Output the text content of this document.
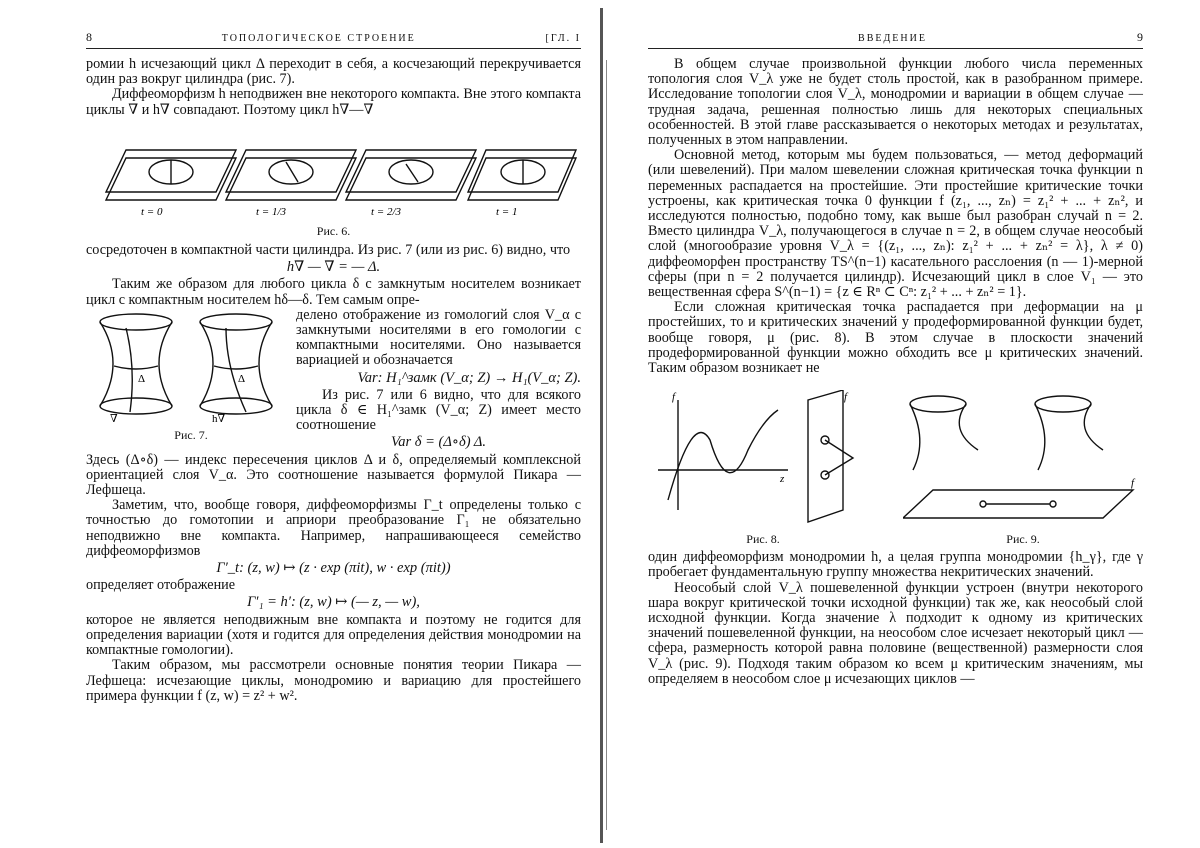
8	ТОПОЛОГИЧЕСКОЕ СТРОЕНИЕ	[ГЛ. I

ромии h исчезающий цикл Δ переходит в себя, а косчезающий перекручивается один раз вокруг цилиндра (рис. 7).

Диффеоморфизм h неподвижен вне некоторого компакта. Вне этого компакта циклы ∇ и h∇ совпадают. Поэтому цикл h∇—∇

t = 0	t = 1/3	t = 2/3	t = 1
Рис. 6.

сосредоточен в компактной части цилиндра. Из рис. 7 (или из рис. 6) видно, что

h∇ — ∇ = — Δ.

Таким же образом для любого цикла δ с замкнутым носителем возникает цикл с компактным носителем hδ—δ. Тем самым опре-

Δ
∇
Δ
h∇
Рис. 7.

делено отображение из гомологий слоя V_α с замкнутыми носителями в его гомологии с компактными носителями. Оно называется вариацией и обозначается

Var: H₁^замк (V_α; Z) → H₁(V_α; Z).

Из рис. 7 или 6 видно, что для всякого цикла δ ∈ H₁^замк (V_α; Z) имеет место соотношение

Var δ = (Δ∘δ) Δ.

Здесь (Δ∘δ) — индекс пересечения циклов Δ и δ, определяемый комплексной ориентацией слоя V_α. Это соотношение называется формулой Пикара — Лефшеца.

Заметим, что, вообще говоря, диффеоморфизмы Γ_t определены только с точностью до гомотопии и априори преобразование Γ₁ не обязательно неподвижно вне компакта. Например, напрашивающееся семейство диффеоморфизмов

Γ′_t: (z, w) ↦ (z · exp (πit), w · exp (πit))

определяет отображение

Γ′₁ = h′: (z, w) ↦ (— z, — w),

которое не является неподвижным вне компакта и поэтому не годится для определения вариации (хотя и годится для определения действия монодромии на компактные гомологии).

Таким образом, мы рассмотрели основные понятия теории Пикара — Лефшеца: исчезающие циклы, монодромию и вариацию для простейшего примера функции f (z, w) = z² + w².

ВВЕДЕНИЕ	9

В общем случае произвольной функции любого числа переменных топология слоя V_λ уже не будет столь простой, как в разобранном примере. Исследование топологии слоя V_λ, монодромии и вариации в общем случае — трудная задача, решенная полностью лишь для некоторых специальных особенностей. В этой главе рассказывается о некоторых методах и результатах, полученных в этом направлении.

Основной метод, которым мы будем пользоваться, — метод деформаций (или шевелений). При малом шевелении сложная критическая точка функции n переменных распадается на простейшие. Эти простейшие критические точки устроены, как критическая точка 0 функции f (z₁, ..., zₙ) = z₁² + ... + zₙ², и исследуются полностью, подобно тому, как выше был разобран случай n = 2. Вместо цилиндра V_λ, получающегося в случае n = 2, в общем случае неособый слой (многообразие уровня V_λ = {(z₁, ..., zₙ): z₁² + ... + zₙ² = λ}, λ ≠ 0) диффеоморфен пространству TS^(n−1) касательного расслоения (n — 1)-мерной сферы (при n = 2 получается цилиндр). Исчезающий цикл в слое V₁ — это вещественная сфера S^(n−1) = {z ∈ Rⁿ ⊂ Cⁿ: z₁² + ... + zₙ² = 1}.

Если сложная критическая точка распадается при деформации на μ простейших, то и критических значений у продеформированной функции будет, вообще говоря, μ (рис. 8). В этом случае в плоскости значений продеформированной функции можно обходить все μ критических значений. Таким образом возникает не

f
z
f
Рис. 8.
f
Рис. 9.

один диффеоморфизм монодромии h, а целая группа монодромии {h_γ}, где γ пробегает фундаментальную группу множества некритических значений.

Неособый слой V_λ пошевеленной функции устроен (внутри некоторого шара вокруг критической точки исходной функции) так же, как неособый слой исходной функции. Когда значение λ подходит к одному из критических значений пошевеленной функции, на неособом слое исчезает некоторый цикл — сфера, размерность которой равна половине (вещественной) размерности слоя V_λ (рис. 9). Подходя таким образом ко всем μ критическим значениям, мы определяем в неособом слое μ исчезающих циклов —
